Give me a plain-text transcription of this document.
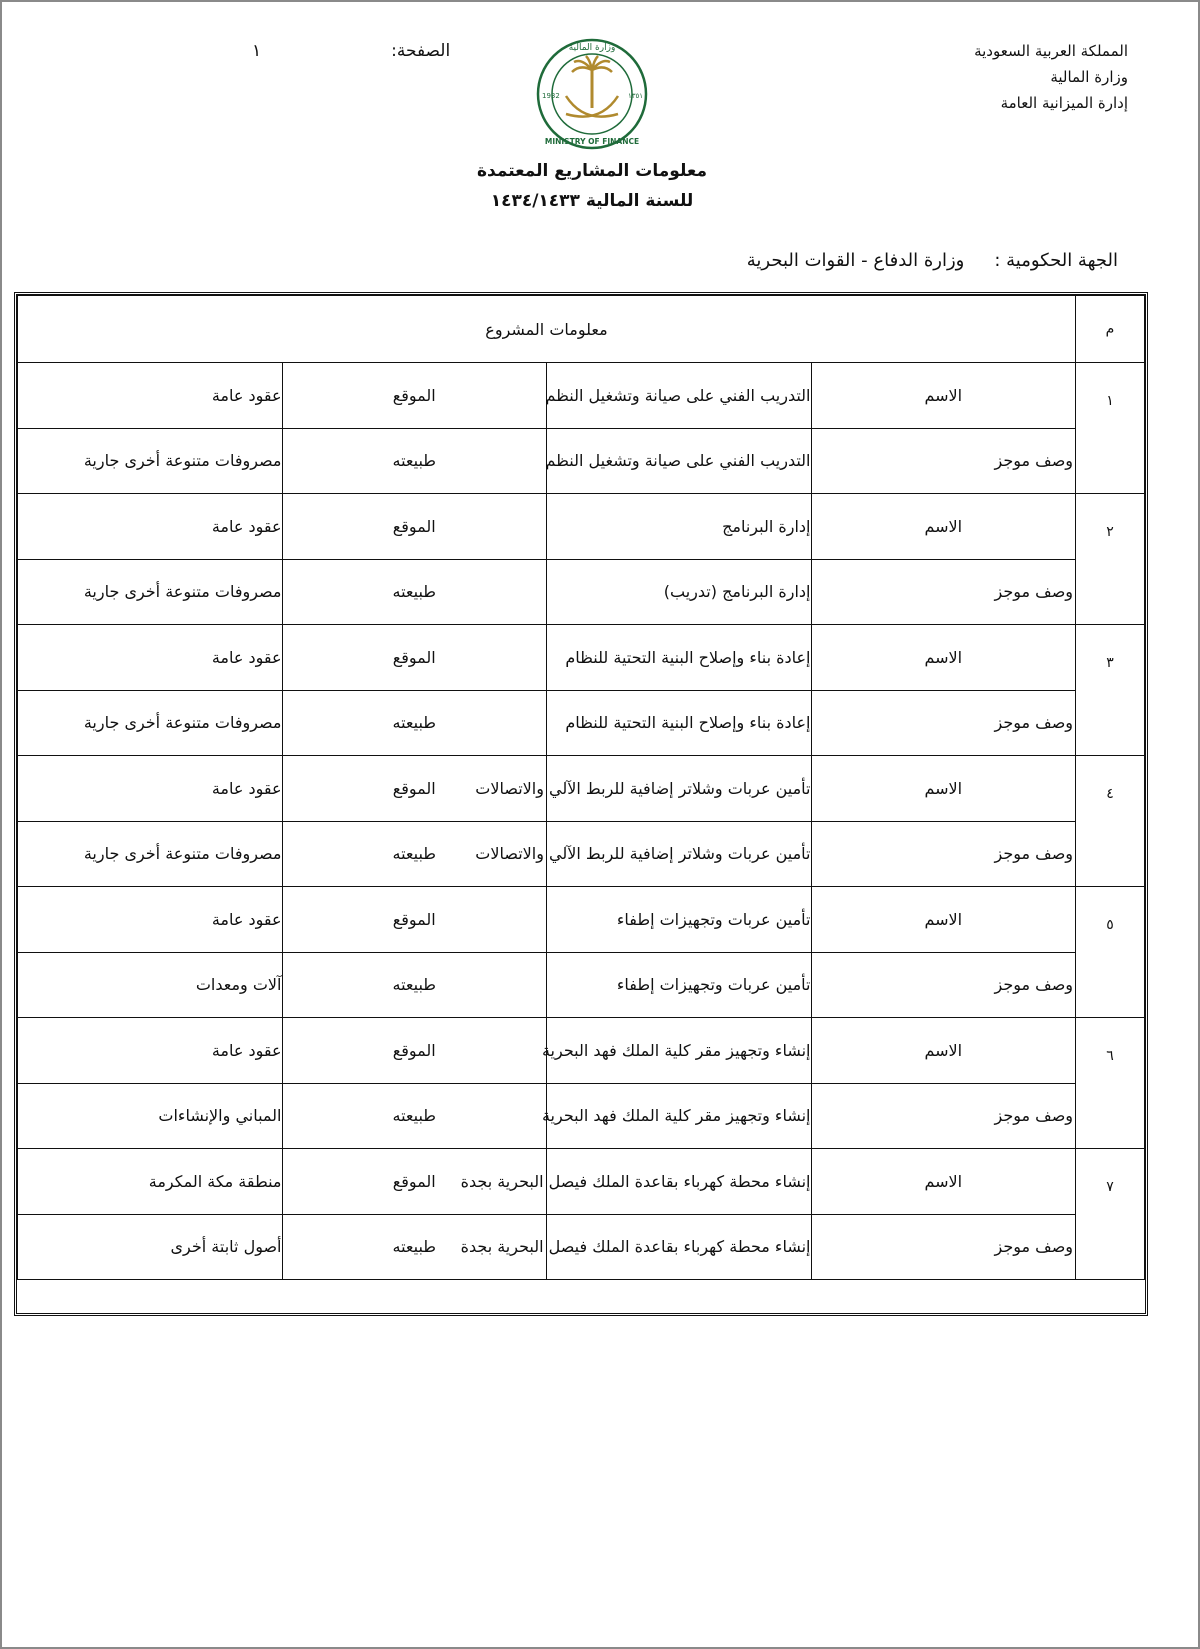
المملكة العربية السعودية
وزارة المالية
إدارة الميزانية العامة
الصفحة:
١
MINISTRY OF FINANCE
وزارة المالية
1932	١٣٥١
معلومات المشاريع المعتمدة
للسنة المالية ١٤٣٤/١٤٣٣
الجهة الحكومية :
وزارة الدفاع - القوات البحرية
م	معلومات المشروع			
١	الاسم	التدريب الفني على صيانة وتشغيل النظم	الموقع	عقود عامة
	وصف موجز	التدريب الفني على صيانة وتشغيل النظم	طبيعته	مصروفات متنوعة أخرى جارية
٢	الاسم	إدارة البرنامج	الموقع	عقود عامة
	وصف موجز	إدارة البرنامج (تدريب)	طبيعته	مصروفات متنوعة أخرى جارية
٣	الاسم	إعادة بناء وإصلاح البنية التحتية للنظام	الموقع	عقود عامة
	وصف موجز	إعادة بناء وإصلاح البنية التحتية للنظام	طبيعته	مصروفات متنوعة أخرى جارية
٤	الاسم	تأمين عربات وشلاتر إضافية للربط الآلي والاتصالات	الموقع	عقود عامة
	وصف موجز	تأمين عربات وشلاتر إضافية للربط الآلي والاتصالات	طبيعته	مصروفات متنوعة أخرى جارية
٥	الاسم	تأمين عربات وتجهيزات إطفاء	الموقع	عقود عامة
	وصف موجز	تأمين عربات وتجهيزات إطفاء	طبيعته	آلات ومعدات
٦	الاسم	إنشاء وتجهيز مقر كلية الملك فهد البحرية	الموقع	عقود عامة
	وصف موجز	إنشاء وتجهيز مقر كلية الملك فهد البحرية	طبيعته	المباني والإنشاءات
٧	الاسم	إنشاء محطة كهرباء بقاعدة الملك فيصل البحرية بجدة	الموقع	منطقة مكة المكرمة
	وصف موجز	إنشاء محطة كهرباء بقاعدة الملك فيصل البحرية بجدة	طبيعته	أصول ثابتة أخرى
